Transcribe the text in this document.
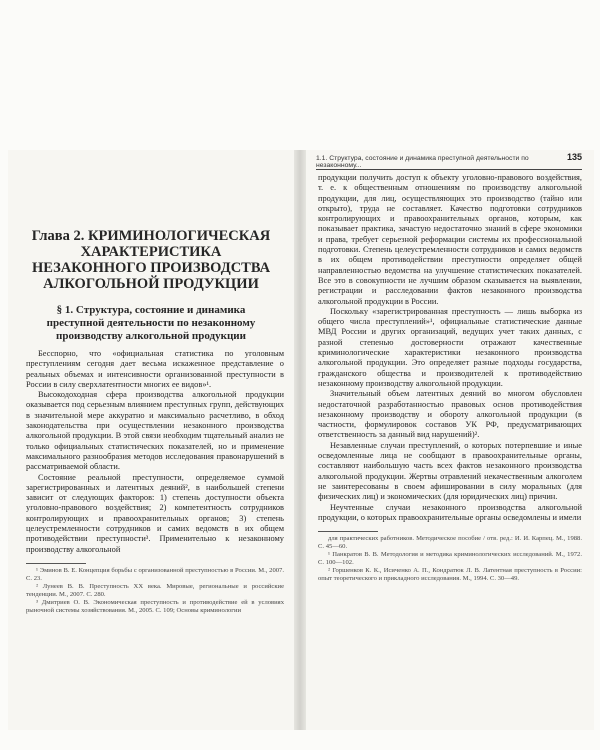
Глава 2. КРИМИНОЛОГИЧЕСКАЯ ХАРАКТЕРИСТИКА НЕЗАКОННОГО ПРОИЗВОДСТВА АЛКОГОЛЬНОЙ ПРОДУКЦИИ
§ 1. Структура, состояние и динамика преступной деятельности по незаконному производству алкогольной продукции

Бесспорно, что «официальная статистика по уголовным преступлениям сегодня дает весьма искаженное представление о реальных объемах и интенсивности организованной преступности в России в силу сверхлатентности многих ее видов»¹.

Высокодоходная сфера производства алкогольной продукции оказывается под серьезным влиянием преступных групп, действующих в значительной мере аккуратно и максимально расчетливо, в обход законодательства при осуществлении незаконного производства алкогольной продукции. В этой связи необходим тщательный анализ не только официальных статистических показателей, но и применение максимального разнообразия методов исследования правонарушений в рассматриваемой области.

Состояние реальной преступности, определяемое суммой зарегистрированных и латентных деяний², в наибольшей степени зависит от следующих факторов: 1) степень доступности объекта уголовно-правового воздействия; 2) компетентность сотрудников контролирующих и правоохранительных органов; 3) степень целеустремленности сотрудников и самих ведомств в их общем противодействии преступности³. Применительно к незаконному производству алкогольной

¹ Эминов В. Е. Концепция борьбы с организованной преступностью в России. М., 2007. С. 23.

² Лунеев В. В. Преступность XX века. Мировые, региональные и российские тенденции. М., 2007. С. 280.

³ Дмитриев О. В. Экономическая преступность и противодействие ей в условиях рыночной системы хозяйствования. М., 2005. С. 109; Основы криминологии

1.1. Структура, состояние и динамика преступной деятельности по незаконному...
135

продукции получить доступ к объекту уголовно-правового воздействия, т. е. к общественным отношениям по производству алкогольной продукции, для лиц, осуществляющих это производство (тайно или открыто), труда не составляет. Качество подготовки сотрудников контролирующих и правоохранительных органов, которым, как показывает практика, зачастую недостаточно знаний в сфере экономики и права, требует серьезной реформации системы их профессиональной подготовки. Степень целеустремленности сотрудников и самих ведомств в их общем противодействии преступности определяет общей направленностью ведомства на улучшение статистических показателей. Все это в совокупности не лучшим образом сказывается на выявлении, регистрации и расследовании фактов незаконного производства алкогольной продукции в России.

Поскольку «зарегистрированная преступность — лишь выборка из общего числа преступлений»¹, официальные статистические данные МВД России и других организаций, ведущих учет таких данных, с разной степенью достоверности отражают качественные криминологические характеристики незаконного производства алкогольной продукции. Это определяет разные подходы государства, гражданского общества и производителей к противодействию незаконному производству алкогольной продукции.

Значительный объем латентных деяний во многом обусловлен недостаточной разработанностью правовых основ противодействия незаконному производству и обороту алкогольной продукции (в частности, формулировок составов УК РФ, предусматривающих ответственность за данный вид нарушений)².

Незавленные случаи преступлений, о которых потерпевшие и иные осведомленные лица не сообщают в правоохранительные органы, составляют наибольшую часть всех фактов незаконного производства алкогольной продукции. Жертвы отравлений некачественным алкоголем не заинтересованы в своем афишировании в силу моральных (для физических лиц) и экономических (для юридических лиц) причин.

Неучтенные случаи незаконного производства алкогольной продукции, о которых правоохранительные органы осведомлены и имели

для практических работников. Методическое пособие / отв. ред.: И. И. Карпец. М., 1988. С. 45—60.

¹ Панкратов В. В. Методология и методика криминологических исследований. М., 1972. С. 100—102.

² Горшенков К. К., Исиченко А. П., Кондратюк Л. В. Латентная преступность в России: опыт теоретического и прикладного исследования. М., 1994. С. 30—49.
